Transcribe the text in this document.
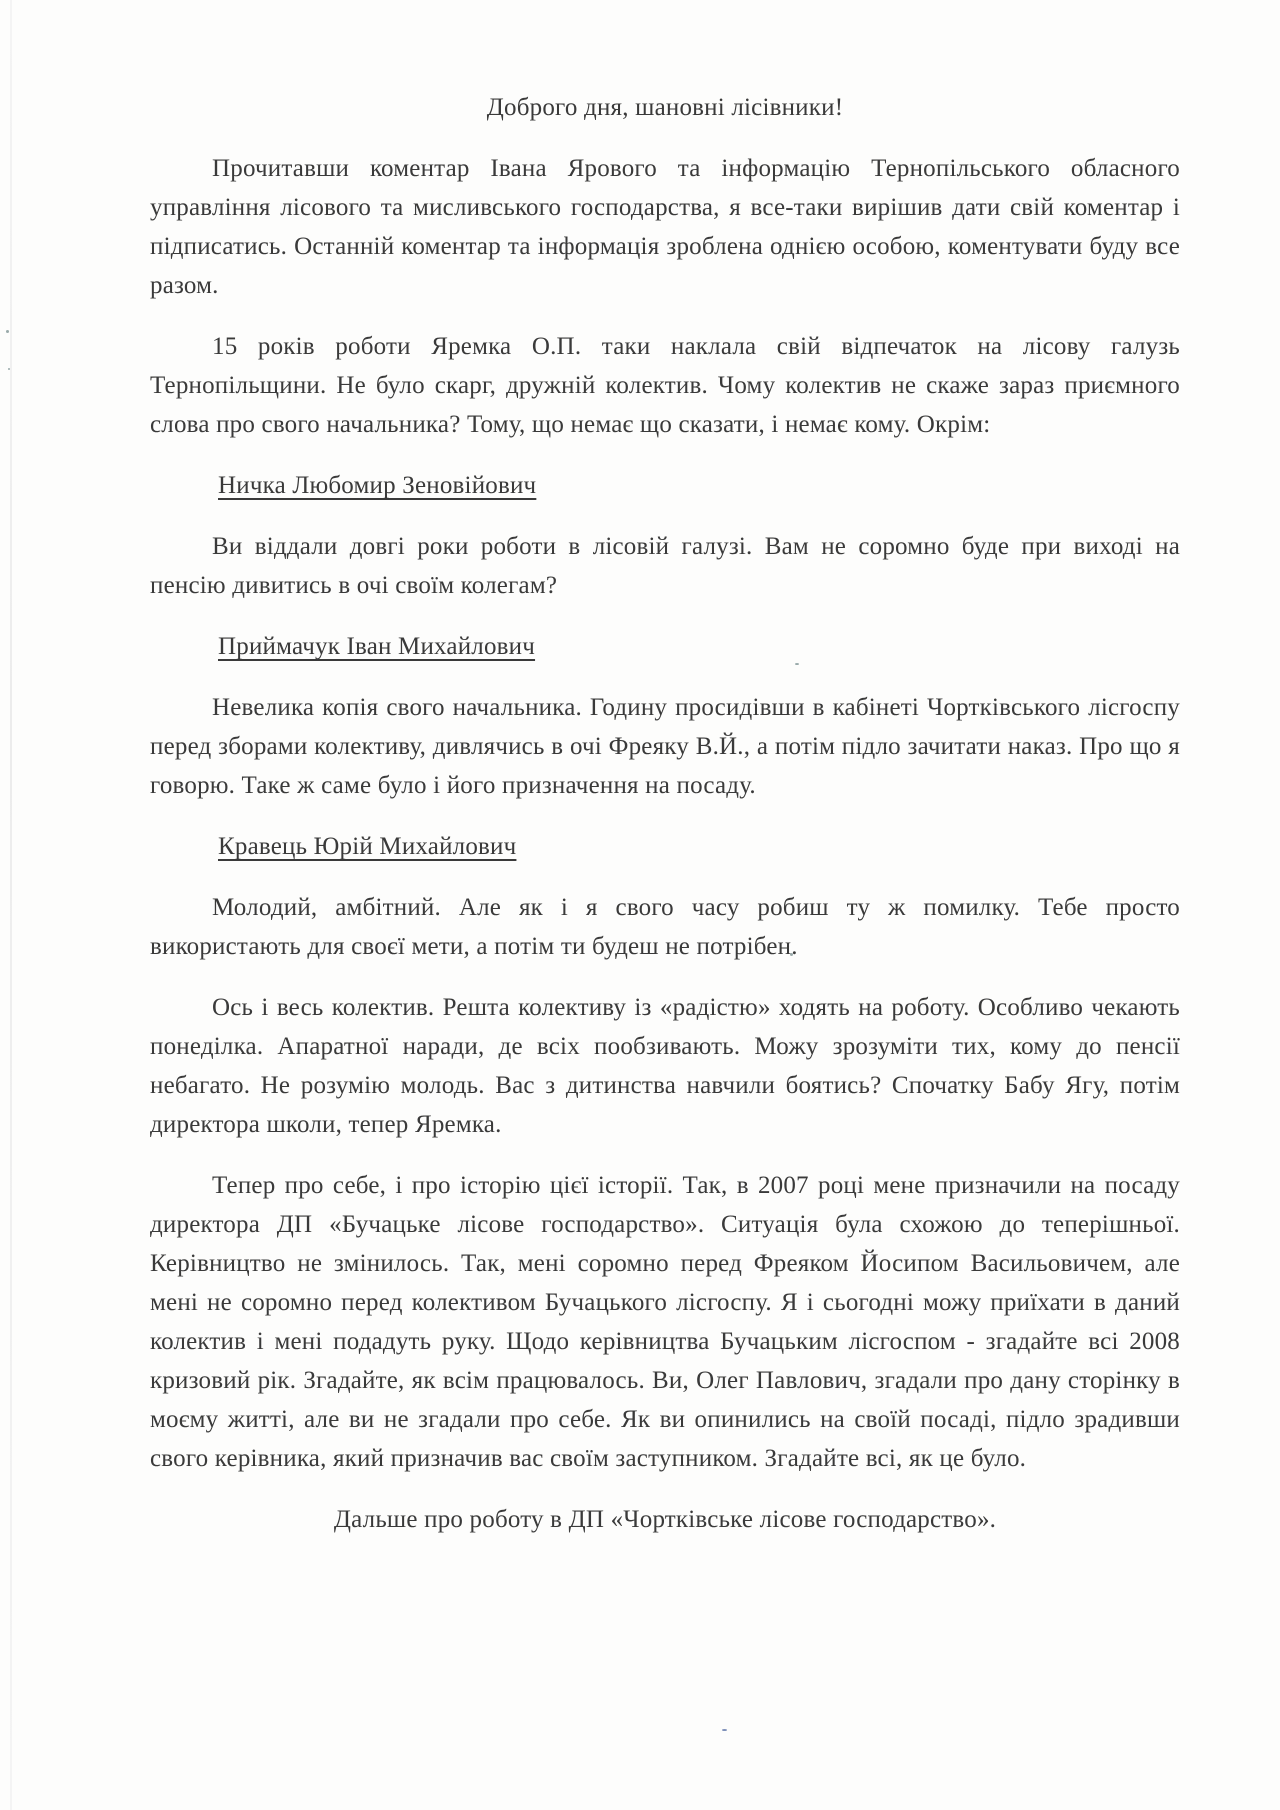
Доброго дня, шановні лісівники!

Прочитавши коментар Івана Ярового та інформацію Тернопільського обласного управління лісового та мисливського господарства, я все-таки вирішив дати свій коментар і підписатись. Останній коментар та інформація зроблена однією особою, коментувати буду все разом.

15 років роботи Яремка О.П. таки наклала свій відпечаток на лісову галузь Тернопільщини. Не було скарг, дружній колектив. Чому колектив не скаже зараз приємного слова про свого начальника? Тому, що немає що сказати, і немає кому. Окрім:

Ничка Любомир Зеновійович

Ви віддали довгі роки роботи в лісовій галузі. Вам не соромно буде при виході на пенсію дивитись в очі своїм колегам?

Приймачук Іван Михайлович

Невелика копія свого начальника. Годину просидівши в кабінеті Чортківського лісгоспу перед зборами колективу, дивлячись в очі Фреяку В.Й., а потім підло зачитати наказ. Про що я говорю. Таке ж саме було і його призначення на посаду.

Кравець Юрій Михайлович

Молодий, амбітний. Але як і я свого часу робиш ту ж помилку. Тебе просто використають для своєї мети, а потім ти будеш не потрібен.

Ось і весь колектив. Решта колективу із «радістю» ходять на роботу. Особливо чекають понеділка. Апаратної наради, де всіх пообзивають. Можу зрозуміти тих, кому до пенсії небагато. Не розумію молодь. Вас з дитинства навчили боятись? Спочатку Бабу Ягу, потім директора школи, тепер Яремка.

Тепер про себе, і про історію цієї історії. Так, в 2007 році мене призначили на посаду директора ДП «Бучацьке лісове господарство». Ситуація була схожою до теперішньої. Керівництво не змінилось. Так, мені соромно перед Фреяком Йосипом Васильовичем, але мені не соромно перед колективом Бучацького лісгоспу. Я і сьогодні можу приїхати в даний колектив і мені подадуть руку. Щодо керівництва Бучацьким лісгоспом - згадайте всі 2008 кризовий рік. Згадайте, як всім працювалось. Ви, Олег Павлович, згадали про дану сторінку в моєму житті, але ви не згадали про себе. Як ви опинились на своїй посаді, підло зрадивши свого керівника, який призначив вас своїм заступником. Згадайте всі, як це було.

Дальше про роботу в ДП «Чортківське лісове господарство».
